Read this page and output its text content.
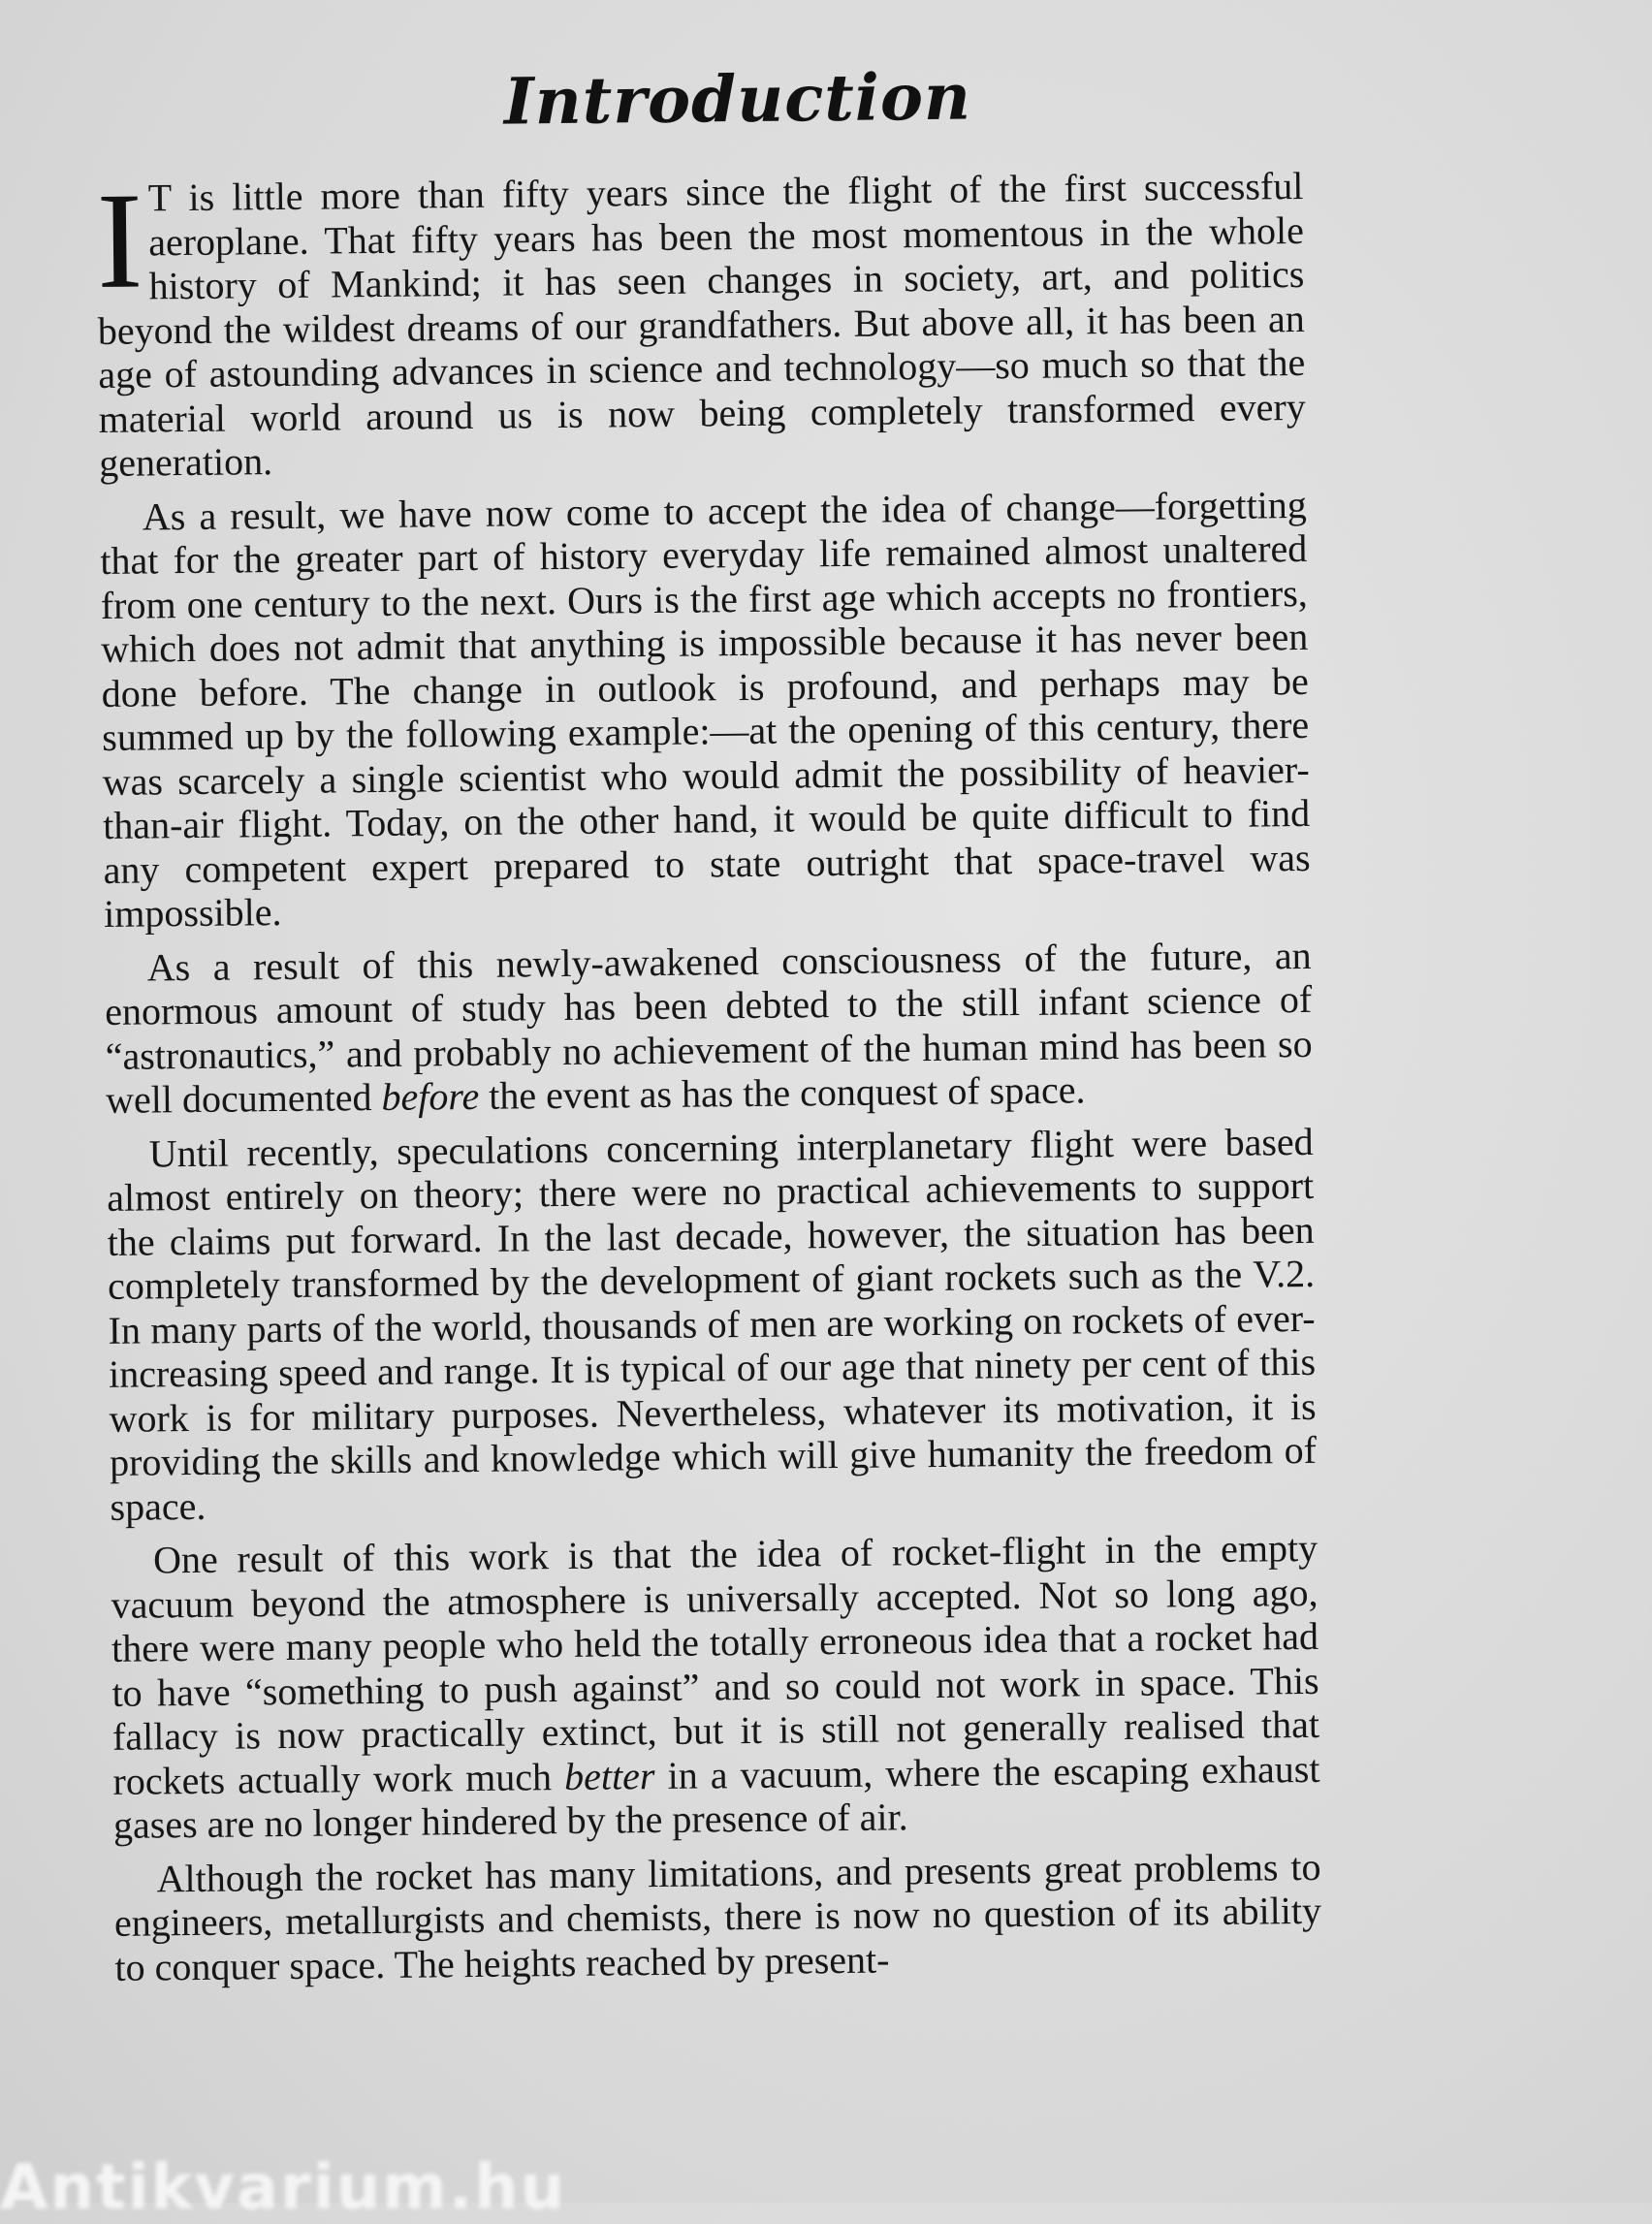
Introduction

I T is little more than fifty years since the flight of the first successful aeroplane. That fifty years has been the most momentous in the whole history of Mankind; it has seen changes in society, art, and politics beyond the wildest dreams of our grandfathers. But above all, it has been an age of astounding advances in science and technology—so much so that the material world around us is now being completely transformed every generation.

As a result, we have now come to accept the idea of change—forgetting that for the greater part of history everyday life remained almost unaltered from one century to the next. Ours is the first age which accepts no frontiers, which does not admit that anything is impossible because it has never been done before. The change in outlook is profound, and perhaps may be summed up by the following example:—at the opening of this century, there was scarcely a single scientist who would admit the possibility of heavier-than-air flight. Today, on the other hand, it would be quite difficult to find any competent expert prepared to state outright that space-travel was impossible.

As a result of this newly-awakened consciousness of the future, an enormous amount of study has been debted to the still infant science of “astronautics,” and probably no achievement of the human mind has been so well documented before the event as has the conquest of space.

Until recently, speculations concerning interplanetary flight were based almost entirely on theory; there were no practical achievements to support the claims put forward. In the last decade, however, the situation has been completely transformed by the development of giant rockets such as the V.2. In many parts of the world, thousands of men are working on rockets of ever-increasing speed and range. It is typical of our age that ninety per cent of this work is for military purposes. Nevertheless, whatever its motivation, it is providing the skills and knowledge which will give humanity the freedom of space.

One result of this work is that the idea of rocket-flight in the empty vacuum beyond the atmosphere is universally accepted. Not so long ago, there were many people who held the totally erroneous idea that a rocket had to have “something to push against” and so could not work in space. This fallacy is now practically extinct, but it is still not generally realised that rockets actually work much better in a vacuum, where the escaping exhaust gases are no longer hindered by the presence of air.

Although the rocket has many limitations, and presents great problems to engineers, metallurgists and chemists, there is now no question of its ability to conquer space. The heights reached by present-

Antikvarium.hu
